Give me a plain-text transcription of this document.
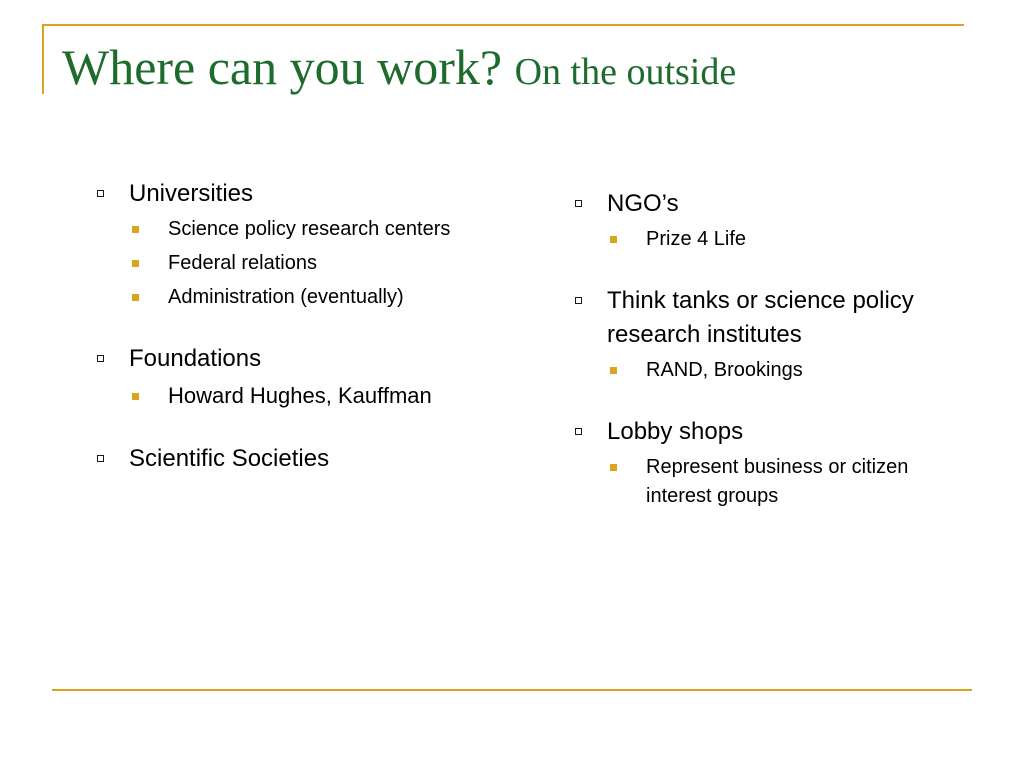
Where can you work? On the outside
Universities
Science policy research centers
Federal relations
Administration (eventually)
Foundations
Howard Hughes, Kauffman
Scientific Societies
NGO’s
Prize 4 Life
Think tanks or science policy research institutes
RAND, Brookings
Lobby shops
Represent business or citizen interest groups
